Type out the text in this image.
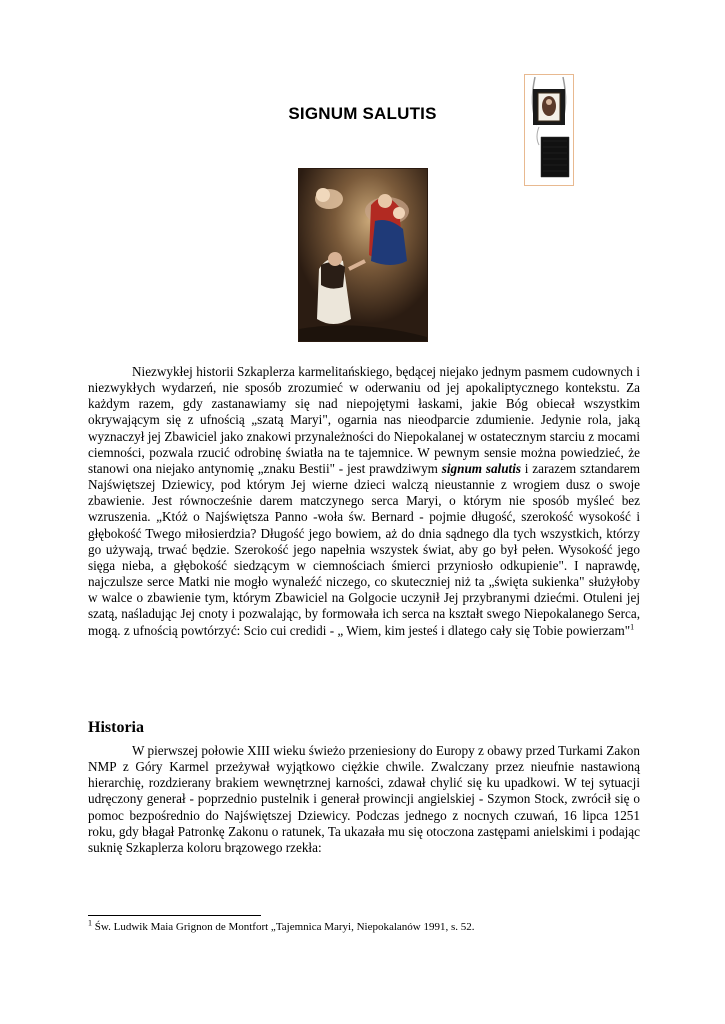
SIGNUM SALUTIS
Niezwykłej historii Szkaplerza karmelitańskiego, będącej niejako jednym pasmem cudownych i niezwykłych wydarzeń, nie sposób zrozumieć w oderwaniu od jej apokaliptycznego kontekstu. Za każdym razem, gdy zastanawiamy się nad niepojętymi łaskami, jakie Bóg obiecał wszystkim okrywającym się z ufnością „szatą Maryi", ogarnia nas nieodparcie zdumienie. Jedynie rola, jaką wyznaczył jej Zbawiciel jako znakowi przynależności do Niepokalanej w ostatecznym starciu z mocami ciemności, pozwala rzucić odrobinę światła na te tajemnice. W pewnym sensie można powiedzieć, że stanowi ona niejako antynomię „znaku Bestii" - jest prawdziwym signum salutis i zarazem sztandarem Najświętszej Dziewicy, pod którym Jej wierne dzieci walczą nieustannie z wrogiem dusz o swoje zbawienie. Jest równocześnie darem matczynego serca Maryi, o którym nie sposób myśleć bez wzruszenia. „Któż o Najświętsza Panno -woła św. Bernard - pojmie długość, szerokość wysokość i głębokość Twego miłosierdzia? Długość jego bowiem, aż do dnia sądnego dla tych wszystkich, którzy go używają, trwać będzie. Szerokość jego napełnia wszystek świat, aby go był pełen. Wysokość jego sięga nieba, a głębokość siedzącym w ciemnościach śmierci przyniosło odkupienie". I naprawdę, najczulsze serce Matki nie mogło wynaleźć niczego, co skuteczniej niż ta „święta sukienka" służyłoby w walce o zbawienie tym, którym Zbawiciel na Golgocie uczynił Jej przybranymi dziećmi. Otuleni jej szatą, naśladując Jej cnoty i pozwalając, by formowała ich serca na kształt swego Niepokalanego Serca, mogą. z ufnością powtórzyć: Scio cui credidi - „ Wiem, kim jesteś i dlatego cały się Tobie powierzam"$^1$
Historia
W pierwszej połowie XIII wieku świeżo przeniesiony do Europy z obawy przed Turkami Zakon NMP z Góry Karmel przeżywał wyjątkowo ciężkie chwile. Zwalczany przez nieufnie nastawioną hierarchię, rozdzierany brakiem wewnętrznej karności, zdawał chylić się ku upadkowi. W tej sytuacji udręczony generał - poprzednio pustelnik i generał prowincji angielskiej - Szymon Stock, zwrócił się o pomoc bezpośrednio do Najświętszej Dziewicy. Podczas jednego z nocnych czuwań, 16 lipca 1251 roku, gdy błagał Patronkę Zakonu o ratunek, Ta ukazała mu się otoczona zastępami anielskimi i podając suknię Szkaplerza koloru brązowego rzekła:
$^1$ Św. Ludwik Maia Grignon de Montfort „Tajemnica Maryi, Niepokalanów 1991, s. 52.
